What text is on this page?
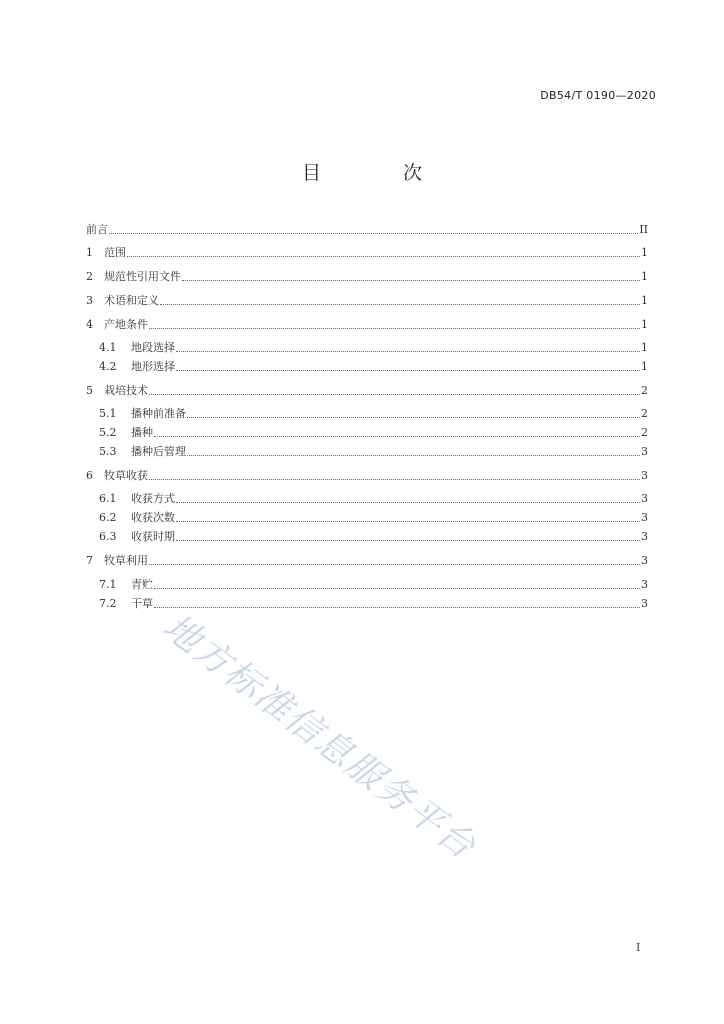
DB54/T 0190—2020
目 次
前言	II
1	范围	1
2	规范性引用文件	1
3	术语和定义	1
4	产地条件	1
4.1	地段选择	1
4.2	地形选择	1
5	栽培技术	2
5.1	播种前准备	2
5.2	播种	2
5.3	播种后管理	3
6	牧草收获	3
6.1	收获方式	3
6.2	收获次数	3
6.3	收获时期	3
7	牧草利用	3
7.1	青贮	3
7.2	干草	3
地方标准信息服务平台
I
